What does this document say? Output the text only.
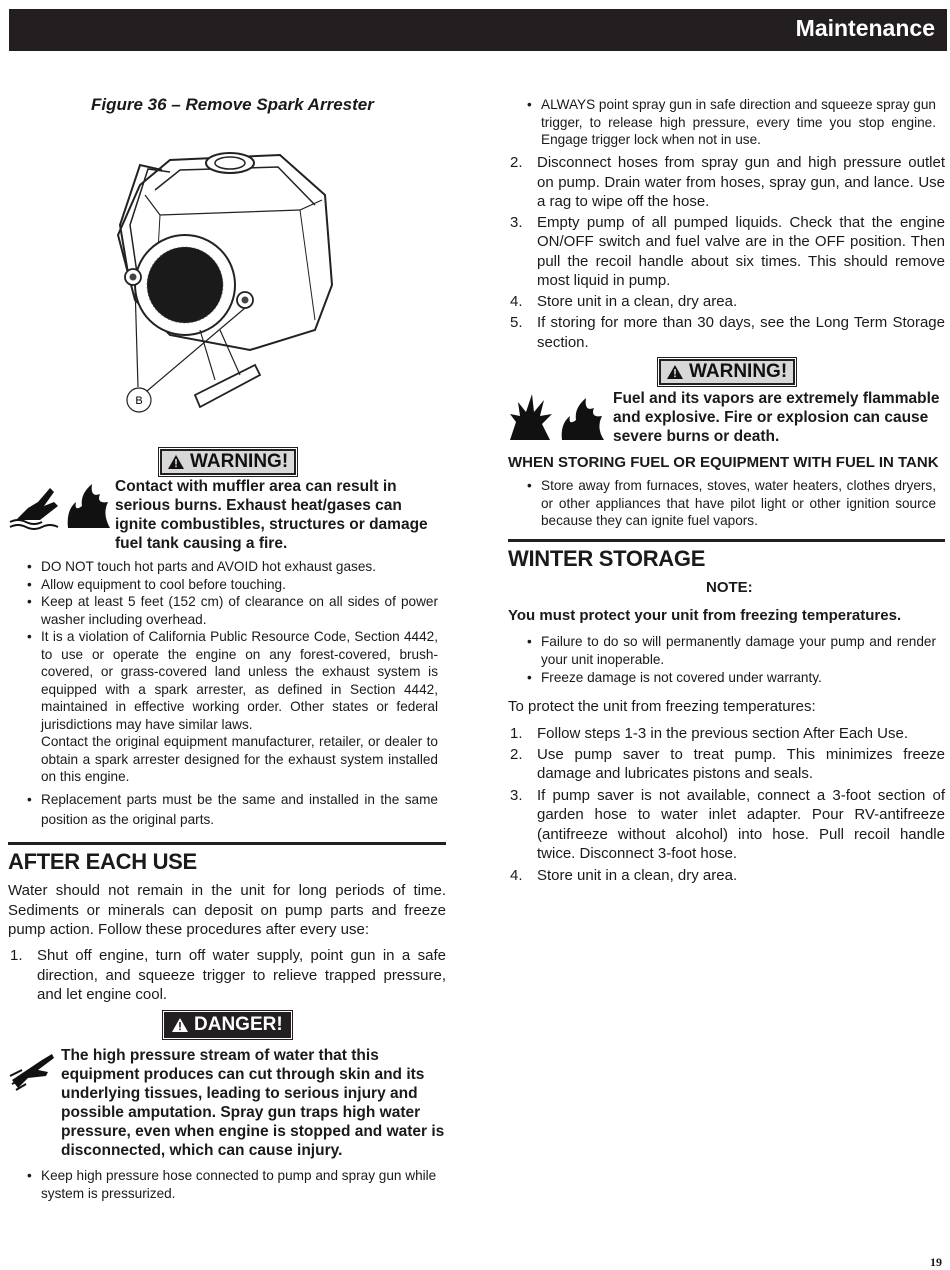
Maintenance
Figure 36 – Remove Spark Arrester
B
WARNING!
Contact with muffler area can result in serious burns. Exhaust heat/gases can ignite combustibles, structures or damage fuel tank causing a fire.
• DO NOT touch hot parts and AVOID hot exhaust gases.
• Allow equipment to cool before touching.
• Keep at least 5 feet (152 cm) of clearance on all sides of power washer including overhead.
• It is a violation of California Public Resource Code, Section 4442, to use or operate the engine on any forest-covered, brush-covered, or grass-covered land unless the exhaust system is equipped with a spark arrester, as defined in Section 4442, maintained in effective working order. Other states or federal jurisdictions may have similar laws.
Contact the original equipment manufacturer, retailer, or dealer to obtain a spark arrester designed for the exhaust system installed on this engine.
• Replacement parts must be the same and installed in the same position as the original parts.
AFTER EACH USE
Water should not remain in the unit for long periods of time. Sediments or minerals can deposit on pump parts and freeze pump action. Follow these procedures after every use:
1. Shut off engine, turn off water supply, point gun in a safe direction, and squeeze trigger to relieve trapped pressure, and let engine cool.
DANGER!
The high pressure stream of water that this equipment produces can cut through skin and its underlying tissues, leading to serious injury and possible amputation. Spray gun traps high water pressure, even when engine is stopped and water is disconnected, which can cause injury.
• Keep high pressure hose connected to pump and spray gun while system is pressurized.
• ALWAYS point spray gun in safe direction and squeeze spray gun trigger, to release high pressure, every time you stop engine. Engage trigger lock when not in use.
2. Disconnect hoses from spray gun and high pressure outlet on pump. Drain water from hoses, spray gun, and lance. Use a rag to wipe off the hose.
3. Empty pump of all pumped liquids. Check that the engine ON/OFF switch and fuel valve are in the OFF position. Then pull the recoil handle about six times. This should remove most liquid in pump.
4. Store unit in a clean, dry area.
5. If storing for more than 30 days, see the Long Term Storage section.
WARNING!
Fuel and its vapors are extremely flammable and explosive. Fire or explosion can cause severe burns or death.
WHEN STORING FUEL OR EQUIPMENT WITH FUEL IN TANK
• Store away from furnaces, stoves, water heaters, clothes dryers, or other appliances that have pilot light or other ignition source because they can ignite fuel vapors.
WINTER STORAGE
NOTE:
You must protect your unit from freezing temperatures.
• Failure to do so will permanently damage your pump and render your unit inoperable.
• Freeze damage is not covered under warranty.
To protect the unit from freezing temperatures:
1. Follow steps 1-3 in the previous section After Each Use.
2. Use pump saver to treat pump. This minimizes freeze damage and lubricates pistons and seals.
3. If pump saver is not available, connect a 3-foot section of garden hose to water inlet adapter. Pour RV-antifreeze (antifreeze without alcohol) into hose. Pull recoil handle twice. Disconnect 3-foot hose.
4. Store unit in a clean, dry area.
19
